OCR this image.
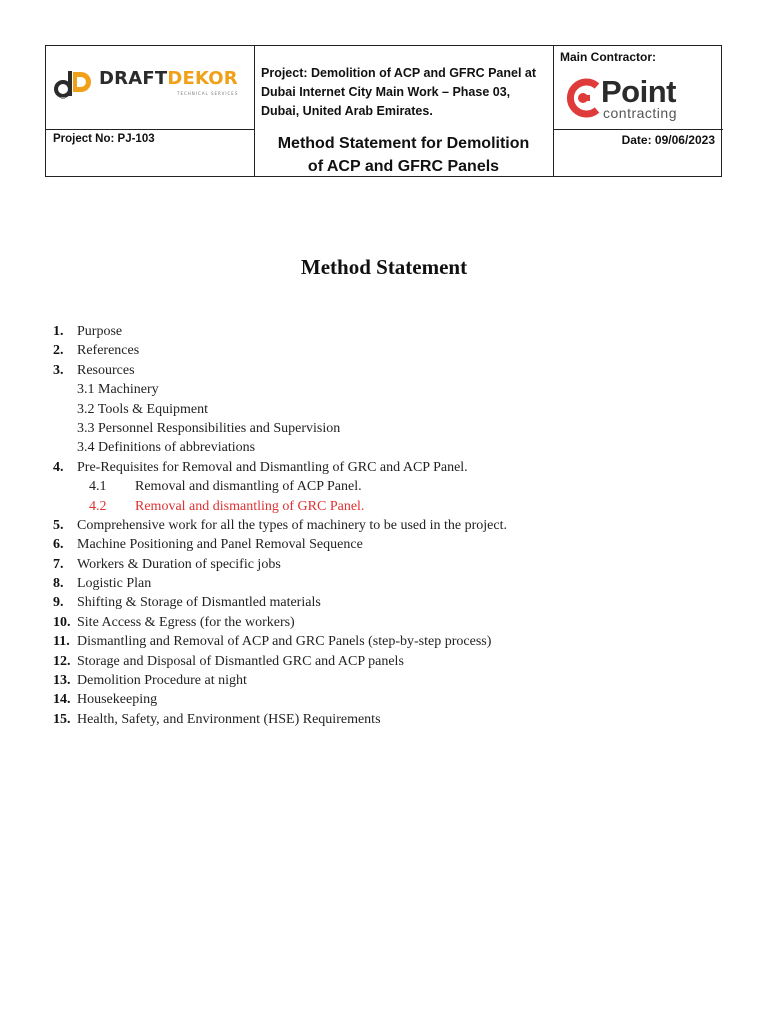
DRAFTDEKOR
TECHNICAL SERVICES
Project: Demolition of ACP and GFRC Panel at Dubai Internet City Main Work – Phase 03, Dubai, United Arab Emirates.
Main Contractor:
Point
contracting
Project No: PJ-103	Method Statement for Demolition
of ACP and GFRC Panels
Date: 09/06/2023
Method Statement
1. Purpose
2. References
3. Resources
3.1 Machinery
3.2 Tools & Equipment
3.3 Personnel Responsibilities and Supervision
3.4 Definitions of abbreviations
4. Pre-Requisites for Removal and Dismantling of GRC and ACP Panel.
4.1 Removal and dismantling of ACP Panel.
4.2 Removal and dismantling of GRC Panel.
5. Comprehensive work for all the types of machinery to be used in the project.
6. Machine Positioning and Panel Removal Sequence
7. Workers & Duration of specific jobs
8. Logistic Plan
9. Shifting & Storage of Dismantled materials
10. Site Access & Egress (for the workers)
11. Dismantling and Removal of ACP and GRC Panels (step-by-step process)
12. Storage and Disposal of Dismantled GRC and ACP panels
13. Demolition Procedure at night
14. Housekeeping
15. Health, Safety, and Environment (HSE) Requirements
